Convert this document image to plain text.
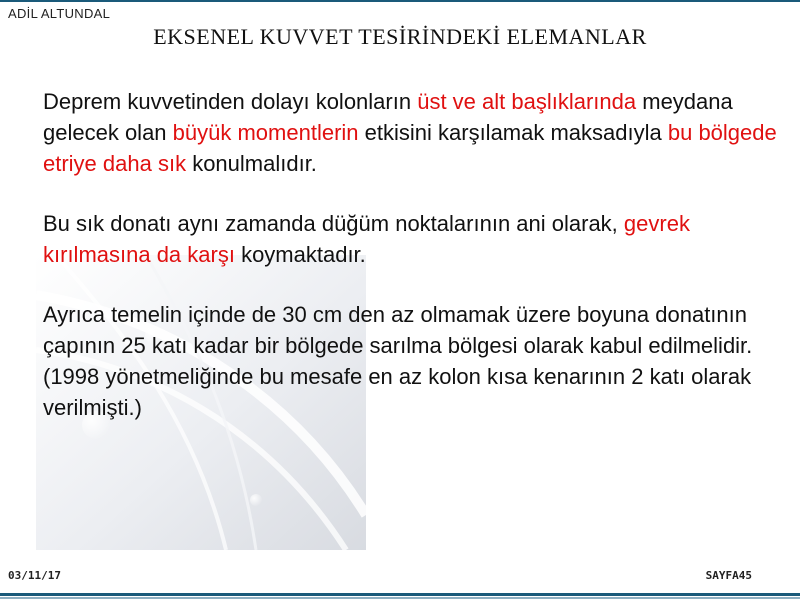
ADİL ALTUNDAL
EKSENEL KUVVET TESİRİNDEKİ ELEMANLAR

Deprem kuvvetinden dolayı kolonların üst ve alt başlıklarında meydana gelecek olan büyük momentlerin etkisini karşılamak maksadıyla bu bölgede etriye daha sık konulmalıdır.

Bu sık donatı aynı zamanda düğüm noktalarının ani olarak, gevrek kırılmasına da karşı koymaktadır.

Ayrıca temelin içinde de 30 cm den az olmamak üzere boyuna donatının çapının 25 katı kadar bir bölgede sarılma bölgesi olarak kabul edilmelidir. (1998 yönetmeliğinde bu mesafe en az kolon kısa kenarının 2 katı olarak verilmişti.)

03/11/17	SAYFA45
